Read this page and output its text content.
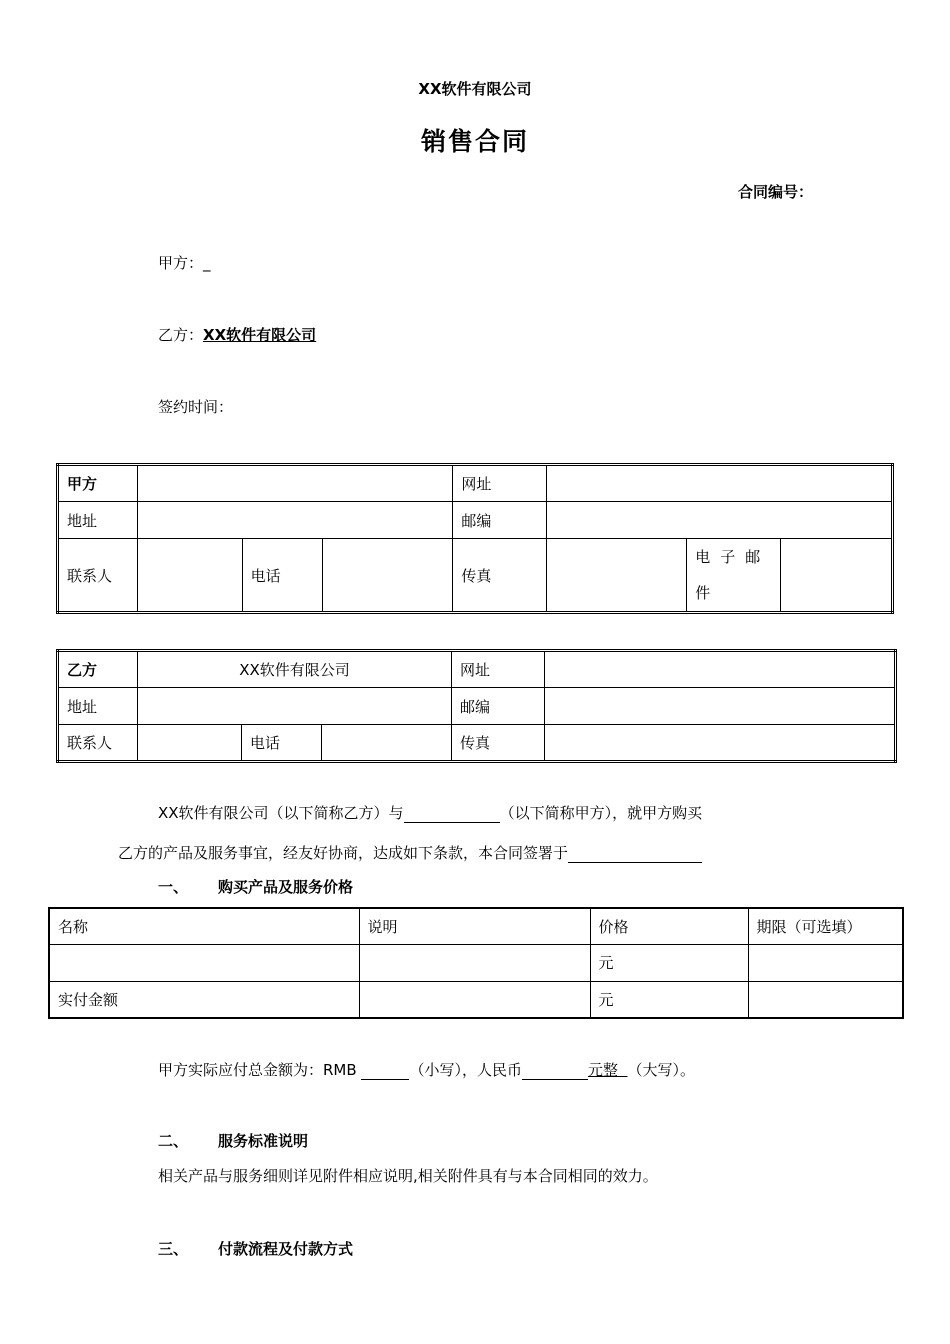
XX软件有限公司
销售合同
合同编号：
甲方：_
乙方：XX软件有限公司
签约时间：
甲方				网址			
地址				邮编			
联系人		电话		传真		电子邮件	
乙方	XX软件有限公司			网址	
地址				邮编	
联系人		电话		传真	
XX软件有限公司（以下简称乙方）与	（以下简称甲方），就甲方购买
乙方的产品及服务事宜，经友好协商，达成如下条款，本合同签署于
一、 购买产品及服务价格
名称	说明	价格	期限（可选填）
		元	
实付金额		元	
甲方实际应付总金额为：RMB	（小写），人民币	元整 （大写）。
二、 服务标准说明
相关产品与服务细则详见附件相应说明,相关附件具有与本合同相同的效力。
三、 付款流程及付款方式
